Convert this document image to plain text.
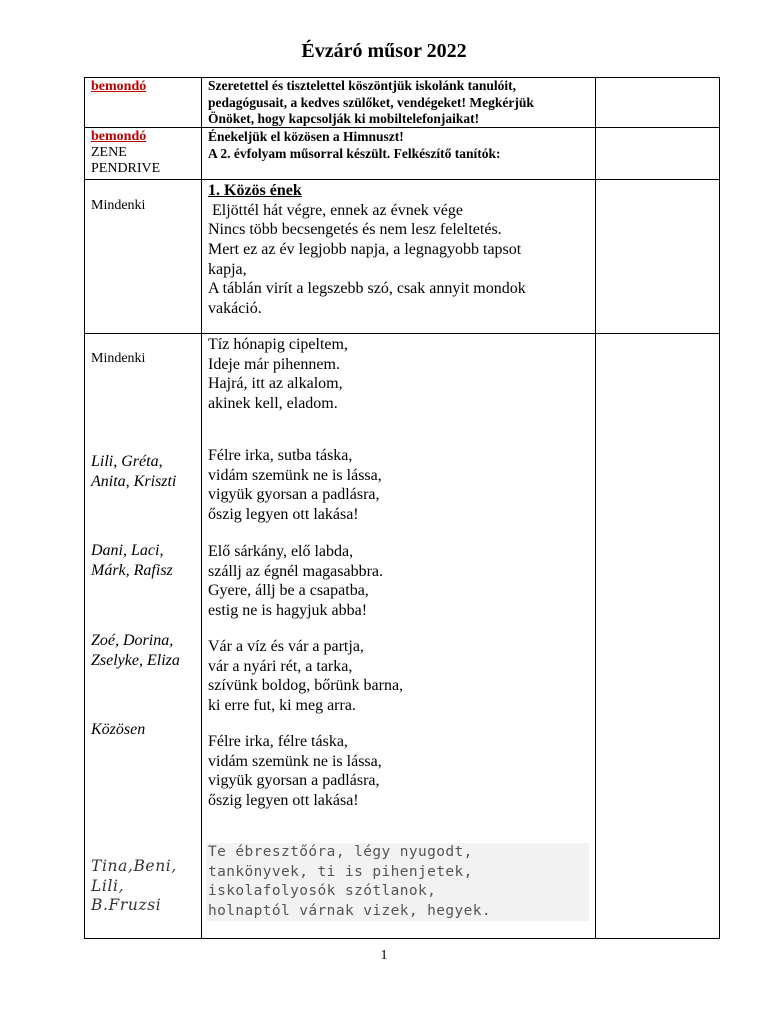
Évzáró műsor 2022
bemondó	Szeretettel és tisztelettel köszöntjük iskolánk tanulóit,
pedagógusait, a kedves szülőket, vendégeket! Megkérjük
Önöket, hogy kapcsolják ki mobiltelefonjaikat!
bemondó
ZENE
PENDRIVE
Énekeljük el közösen a Himnuszt!
A 2. évfolyam műsorral készült. Felkészítő tanítók:
Mindenki
1. Közös ének
Eljöttél hát végre, ennek az évnek vége
Nincs több becsengetés és nem lesz feleltetés.
Mert ez az év legjobb napja, a legnagyobb tapsot
kapja,
A táblán virít a legszebb szó, csak annyit mondok
vakáció.
Mindenki
Lili, Gréta,
Anita, Kriszti
Dani, Laci,
Márk, Rafisz
Zoé, Dorina,
Zselyke, Eliza
Közösen
Tina,Beni,
Lili,
B.Fruzsi
Tíz hónapig cipeltem,
Ideje már pihennem.
Hajrá, itt az alkalom,
akinek kell, eladom.
Félre irka, sutba táska,
vidám szemünk ne is lássa,
vigyük gyorsan a padlásra,
őszig legyen ott lakása!
Elő sárkány, elő labda,
szállj az égnél magasabbra.
Gyere, állj be a csapatba,
estig ne is hagyjuk abba!
Vár a víz és vár a partja,
vár a nyári rét, a tarka,
szívünk boldog, bőrünk barna,
ki erre fut, ki meg arra.
Félre irka, félre táska,
vidám szemünk ne is lássa,
vigyük gyorsan a padlásra,
őszig legyen ott lakása!
Te ébresztőóra, légy nyugodt,
tankönyvek, ti is pihenjetek,
iskolafolyosók szótlanok,
holnaptól várnak vizek, hegyek.
1
